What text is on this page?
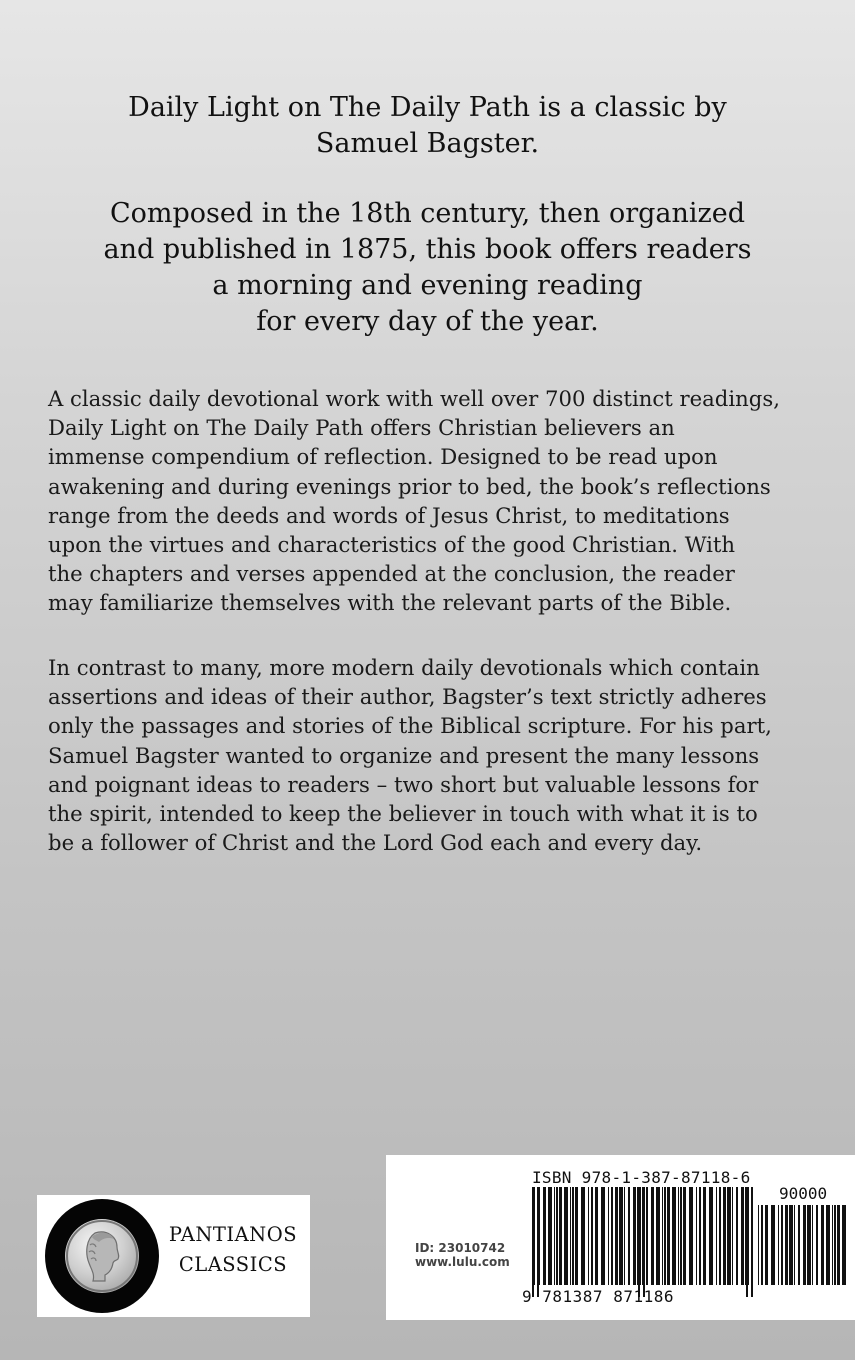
Daily Light on The Daily Path is a classic by
Samuel Bagster.

Composed in the 18th century, then organized
and published in 1875, this book offers readers
a morning and evening reading
for every day of the year.

A classic daily devotional work with well over 700 distinct readings,
Daily Light on The Daily Path offers Christian believers an
immense compendium of reflection. Designed to be read upon
awakening and during evenings prior to bed, the book’s reflections
range from the deeds and words of Jesus Christ, to meditations
upon the virtues and characteristics of the good Christian. With
the chapters and verses appended at the conclusion, the reader
may familiarize themselves with the relevant parts of the Bible.

In contrast to many, more modern daily devotionals which contain
assertions and ideas of their author, Bagster’s text strictly adheres
only the passages and stories of the Biblical scripture. For his part,
Samuel Bagster wanted to organize and present the many lessons
and poignant ideas to readers – two short but valuable lessons for
the spirit, intended to keep the believer in touch with what it is to
be a follower of Christ and the Lord God each and every day.

PANTIANOS
CLASSICS
ISBN 978-1-387-87118-6
90000
ID: 23010742
www.lulu.com
9 781387 871186
